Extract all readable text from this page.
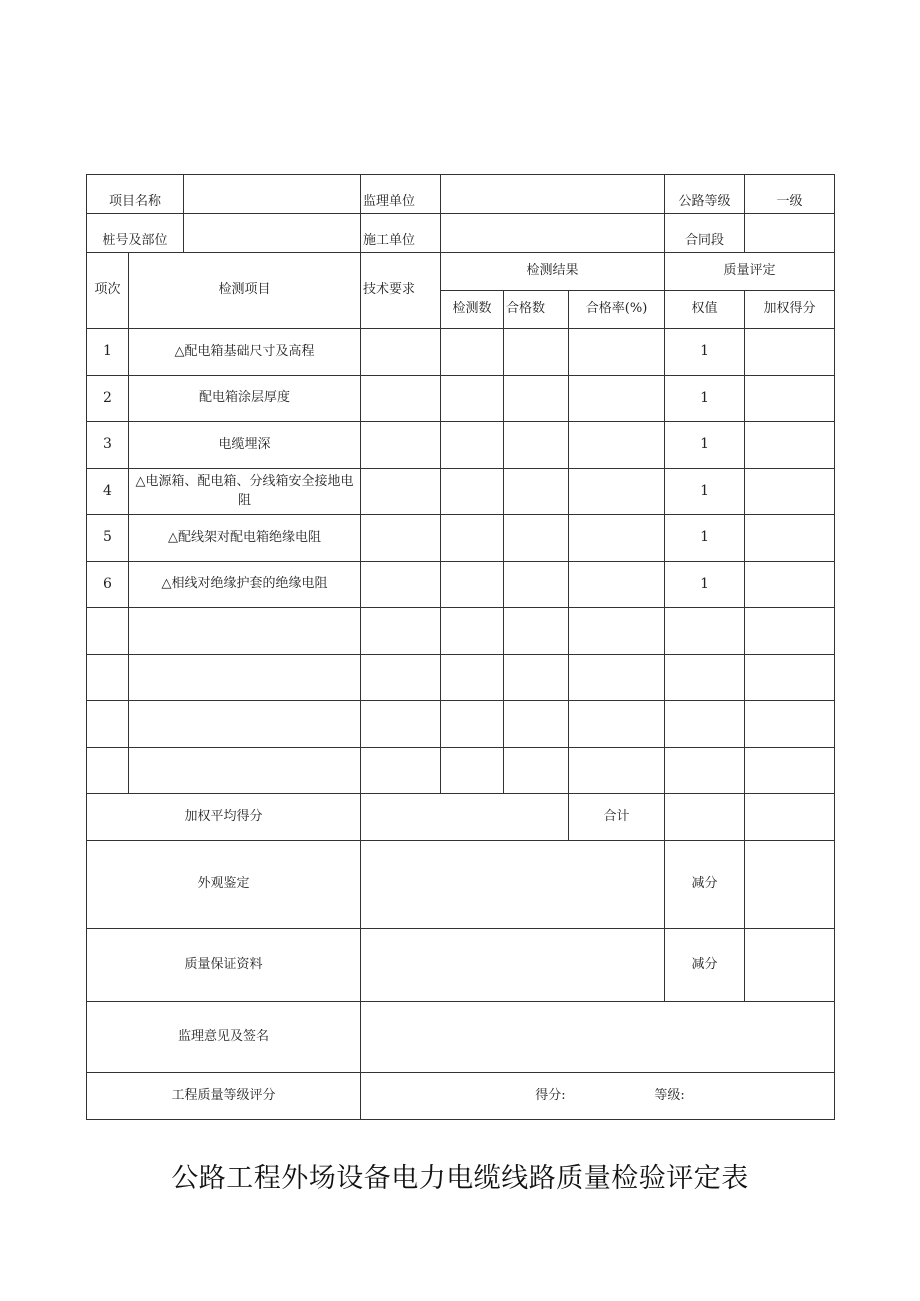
项目名称			监理单位				公路等级	一级
桩号及部位			施工单位				合同段	
项次	检测项目		技术要求	检测结果			质量评定	
				检测数	合格数	合格率(%)	权值	加权得分
1	△配电箱基础尺寸及高程						1	
2	配电箱涂层厚度						1	
3	电缆埋深						1	
4	△电源箱、配电箱、分线箱安全接地电阻						1	
5	△配线架对配电箱绝缘电阻						1	
6	△相线对绝缘护套的绝缘电阻						1	

加权平均得分						合计		
外观鉴定							减分	
质量保证资料							减分	
监理意见及签名								
工程质量等级评分			得分: 等级:					
公路工程外场设备电力电缆线路质量检验评定表
